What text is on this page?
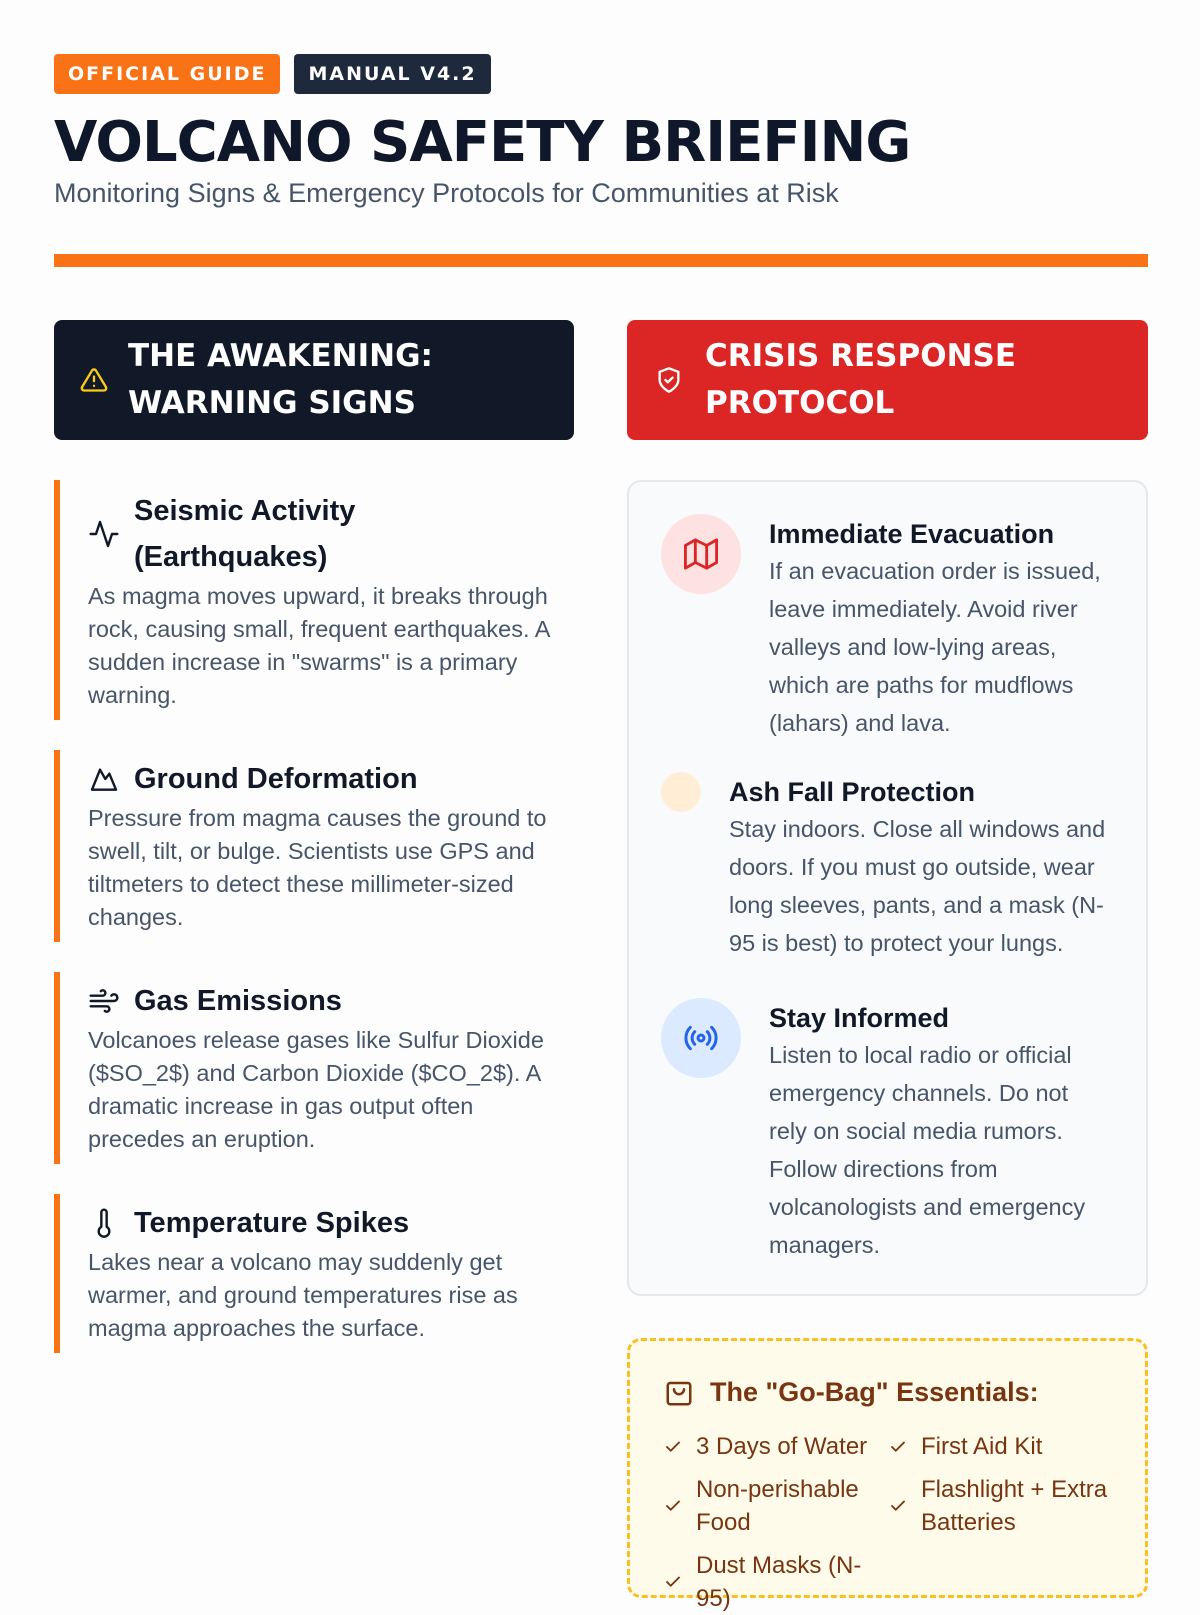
OFFICIAL GUIDE	MANUAL V4.2
VOLCANO SAFETY BRIEFING
Monitoring Signs & Emergency Protocols for Communities at Risk
THE AWAKENING:
WARNING SIGNS
Seismic Activity (Earthquakes)
As magma moves upward, it breaks through rock, causing small, frequent earthquakes. A sudden increase in "swarms" is a primary warning.
Ground Deformation
Pressure from magma causes the ground to swell, tilt, or bulge. Scientists use GPS and tiltmeters to detect these millimeter-sized changes.
Gas Emissions
Volcanoes release gases like Sulfur Dioxide ($SO_2$) and Carbon Dioxide ($CO_2$). A dramatic increase in gas output often precedes an eruption.
Temperature Spikes
Lakes near a volcano may suddenly get warmer, and ground temperatures rise as magma approaches the surface.
CRISIS RESPONSE
PROTOCOL
Immediate Evacuation
If an evacuation order is issued, leave immediately. Avoid river valleys and low-lying areas, which are paths for mudflows (lahars) and lava.
Ash Fall Protection
Stay indoors. Close all windows and doors. If you must go outside, wear long sleeves, pants, and a mask (N-95 is best) to protect your lungs.
Stay Informed
Listen to local radio or official emergency channels. Do not rely on social media rumors. Follow directions from volcanologists and emergency managers.
The "Go-Bag" Essentials:
3 Days of Water First Aid Kit
Non-perishable Food
Flashlight + Extra Batteries
Dust Masks (N-95)
